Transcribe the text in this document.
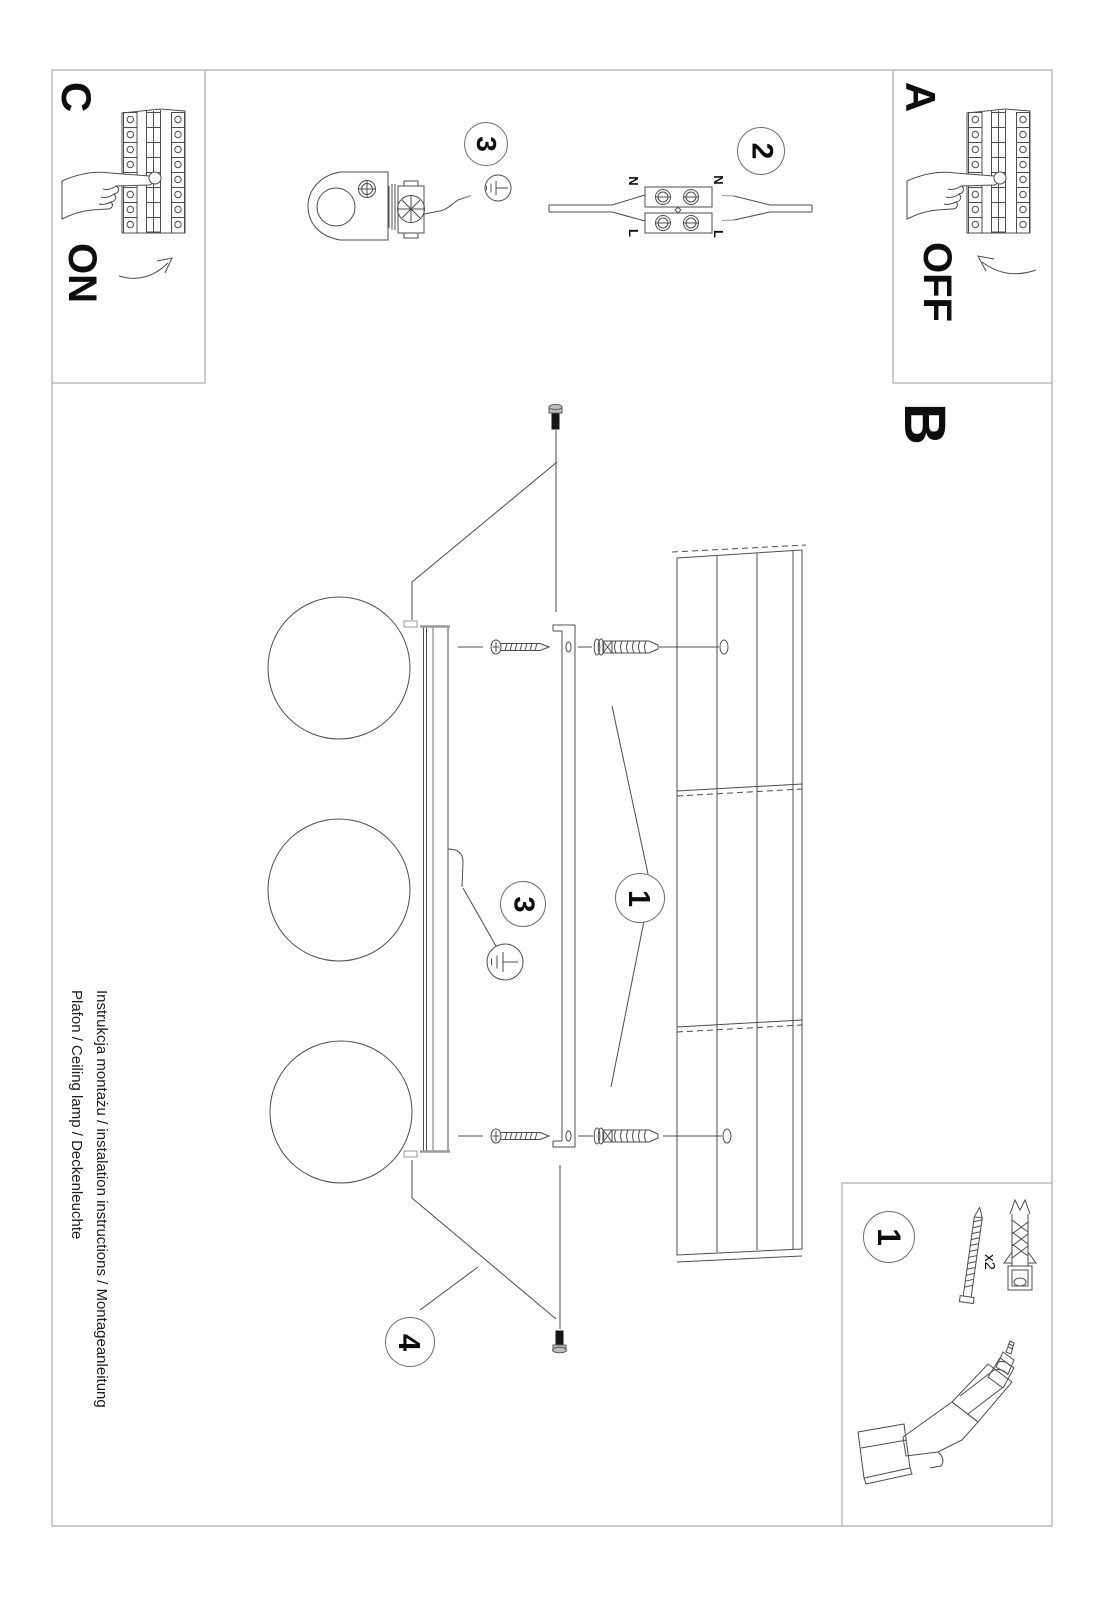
C
ON
A
OFF
B
N	N
L	L
x2
3	2
3	1
4
1
Instrukcja montażu / instalation instructions / Montageanleitung
Plafon / Ceiling lamp / Deckenleuchte
